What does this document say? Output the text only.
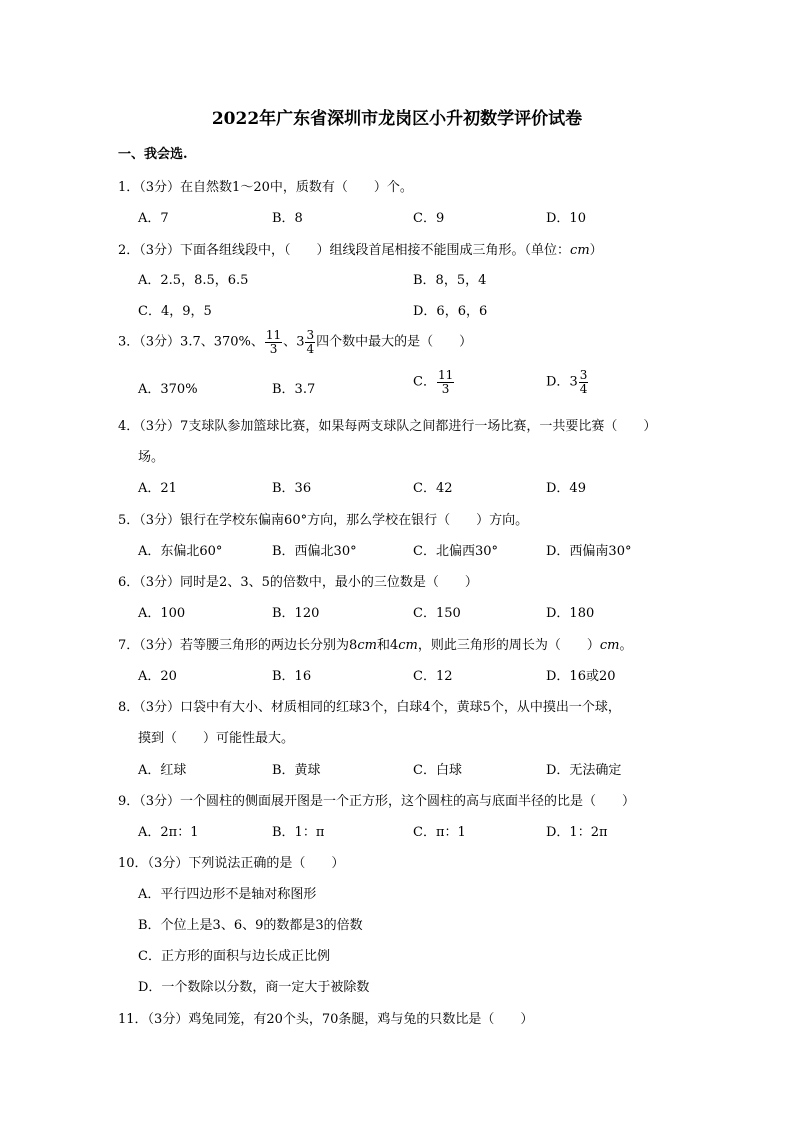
2022年广东省深圳市龙岗区小升初数学评价试卷
一、我会选.
1．（3分）在自然数1～20中，质数有（　　）个。
A．7	B．8	C．9	D．10
2．（3分）下面各组线段中，（　　）组线段首尾相接不能围成三角形。（单位：cm）
A．2.5，8.5，6.5	B．8，5，4
C．4，9，5	D．6，6，6
3．（3分）3.7、370%、 $\frac{11}{3}$ 、$3 \frac{3}{4}$ 四个数中最大的是（　　）
A．370%	B．3.7	C． $\frac{11}{3}$	D．$3 \frac{3}{4}$
4．（3分）7支球队参加篮球比赛，如果每两支球队之间都进行一场比赛，一共要比赛（　　）
场。
A．21	B．36	C．42	D．49
5．（3分）银行在学校东偏南60°方向，那么学校在银行（　　）方向。
A．东偏北60°	B．西偏北30°	C．北偏西30°	D．西偏南30°
6．（3分）同时是2、3、5的倍数中，最小的三位数是（　　）
A．100	B．120	C．150	D．180
7．（3分）若等腰三角形的两边长分别为8cm和4cm，则此三角形的周长为（　　）cm。
A．20	B．16	C．12	D．16或20
8．（3分）口袋中有大小、材质相同的红球3个，白球4个，黄球5个，从中摸出一个球，
摸到（　　）可能性最大。
A．红球	B．黄球	C．白球	D．无法确定
9．（3分）一个圆柱的侧面展开图是一个正方形，这个圆柱的高与底面半径的比是（　　）
A．2π：1	B．1：π	C．π：1	D．1：2π
10．（3分）下列说法正确的是（　　）
A．平行四边形不是轴对称图形
B．个位上是3、6、9的数都是3的倍数
C．正方形的面积与边长成正比例
D．一个数除以分数，商一定大于被除数
11．（3分）鸡兔同笼，有20个头，70条腿，鸡与兔的只数比是（　　）
